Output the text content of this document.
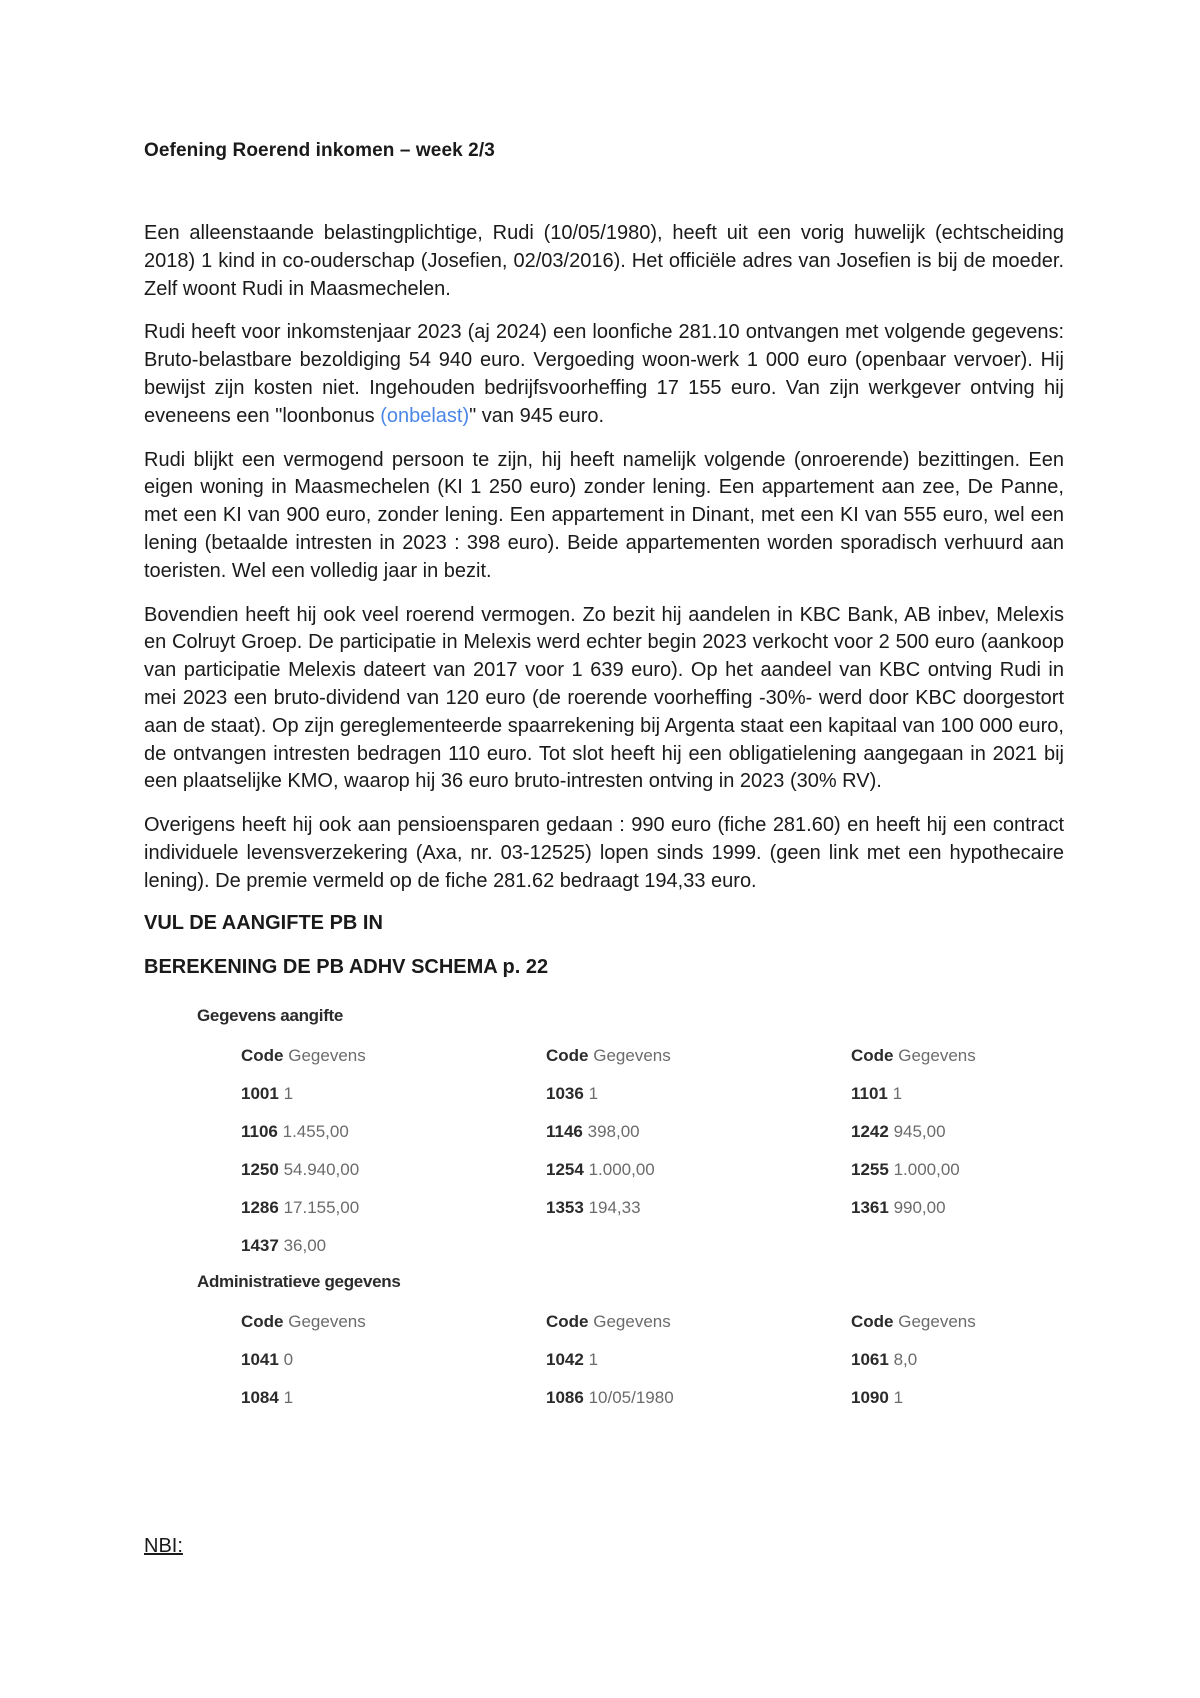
Oefening Roerend inkomen – week 2/3

Een alleenstaande belastingplichtige, Rudi (10/05/1980), heeft uit een vorig huwelijk (echtscheiding 2018) 1 kind in co-ouderschap (Josefien, 02/03/2016). Het officiële adres van Josefien is bij de moeder. Zelf woont Rudi in Maasmechelen.

Rudi heeft voor inkomstenjaar 2023 (aj 2024) een loonfiche 281.10 ontvangen met volgende gegevens: Bruto-belastbare bezoldiging 54 940 euro. Vergoeding woon-werk 1 000 euro (openbaar vervoer). Hij bewijst zijn kosten niet. Ingehouden bedrijfsvoorheffing 17 155 euro. Van zijn werkgever ontving hij eveneens een "loonbonus (onbelast)" van 945 euro.

Rudi blijkt een vermogend persoon te zijn, hij heeft namelijk volgende (onroerende) bezittingen. Een eigen woning in Maasmechelen (KI 1 250 euro) zonder lening. Een appartement aan zee, De Panne, met een KI van 900 euro, zonder lening. Een appartement in Dinant, met een KI van 555 euro, wel een lening (betaalde intresten in 2023 : 398 euro). Beide appartementen worden sporadisch verhuurd aan toeristen. Wel een volledig jaar in bezit.

Bovendien heeft hij ook veel roerend vermogen. Zo bezit hij aandelen in KBC Bank, AB inbev, Melexis en Colruyt Groep. De participatie in Melexis werd echter begin 2023 verkocht voor 2 500 euro (aankoop van participatie Melexis dateert van 2017 voor 1 639 euro). Op het aandeel van KBC ontving Rudi in mei 2023 een bruto-dividend van 120 euro (de roerende voorheffing -30%- werd door KBC doorgestort aan de staat). Op zijn gereglementeerde spaarrekening bij Argenta staat een kapitaal van 100 000 euro, de ontvangen intresten bedragen 110 euro. Tot slot heeft hij een obligatielening aangegaan in 2021 bij een plaatselijke KMO, waarop hij 36 euro bruto-intresten ontving in 2023 (30% RV).

Overigens heeft hij ook aan pensioensparen gedaan : 990 euro (fiche 281.60) en heeft hij een contract individuele levensverzekering (Axa, nr. 03-12525) lopen sinds 1999. (geen link met een hypothecaire lening). De premie vermeld op de fiche 281.62 bedraagt 194,33 euro.

VUL DE AANGIFTE PB IN
BEREKENING DE PB ADHV SCHEMA p. 22
Gegevens aangifte
Code Gegevens	Code Gegevens	Code Gegevens
1001 1	1036 1	1101 1
1106 1.455,00	1146 398,00	1242 945,00
1250 54.940,00	1254 1.000,00	1255 1.000,00
1286 17.155,00	1353 194,33	1361 990,00
1437 36,00
Administratieve gegevens
Code Gegevens	Code Gegevens	Code Gegevens
1041 0	1042 1	1061 8,0
1084 1	1086 10/05/1980	1090 1
NBI:
